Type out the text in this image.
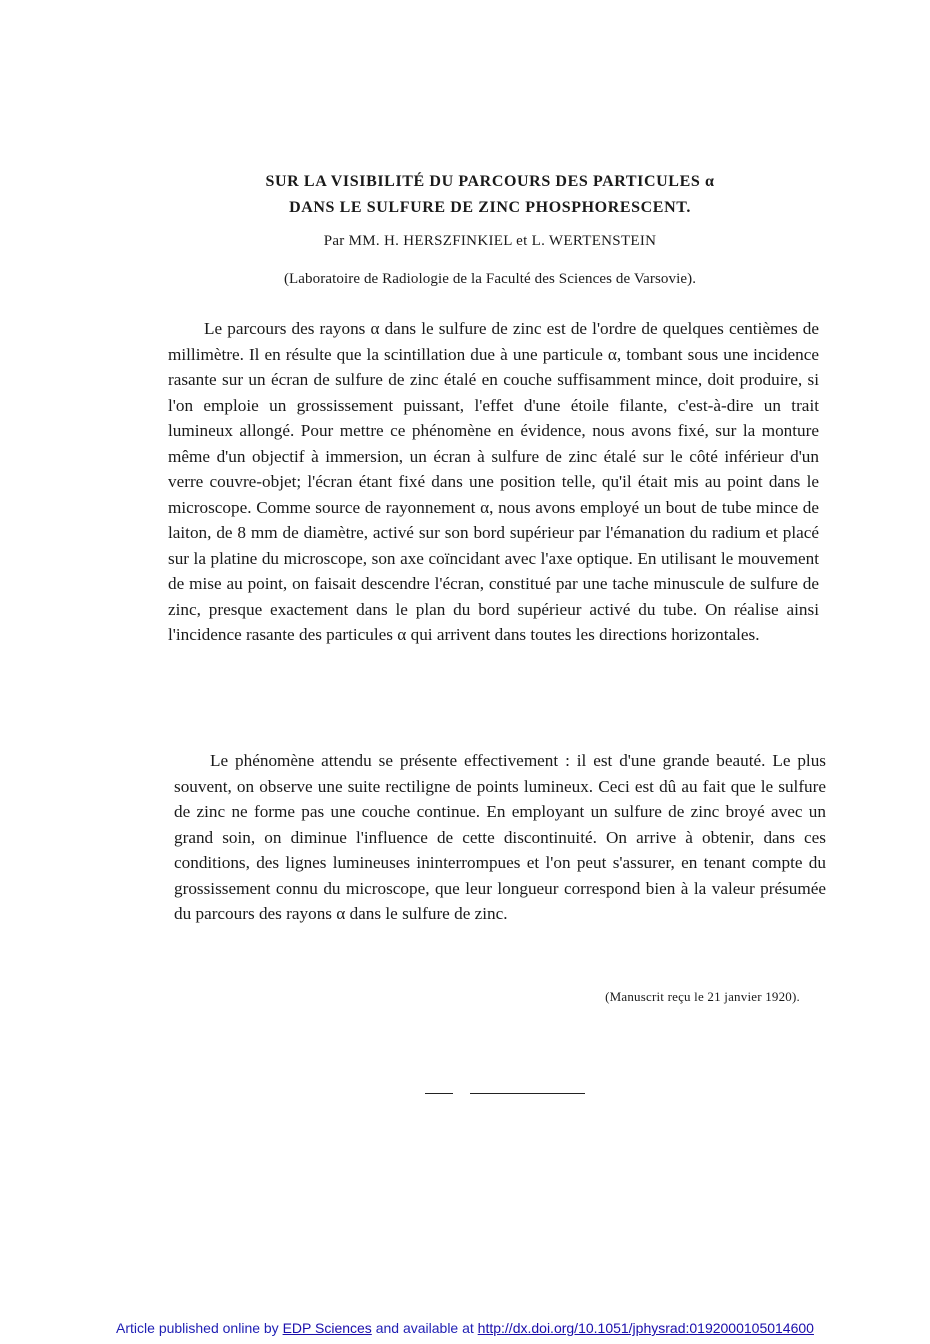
SUR LA VISIBILITÉ DU PARCOURS DES PARTICULES α
DANS LE SULFURE DE ZINC PHOSPHORESCENT.
Par MM. H. HERSZFINKIEL et L. WERTENSTEIN
(Laboratoire de Radiologie de la Faculté des Sciences de Varsovie).

Le parcours des rayons α dans le sulfure de zinc est de l'ordre de quelques centièmes de millimètre. Il en résulte que la scintillation due à une particule α, tombant sous une incidence rasante sur un écran de sulfure de zinc étalé en couche suffisamment mince, doit produire, si l'on emploie un grossissement puissant, l'effet d'une étoile filante, c'est-à-dire un trait lumineux allongé. Pour mettre ce phénomène en évidence, nous avons fixé, sur la monture même d'un objectif à immersion, un écran à sulfure de zinc étalé sur le côté inférieur d'un verre couvre-objet; l'écran étant fixé dans une position telle, qu'il était mis au point dans le microscope. Comme source de rayonnement α, nous avons employé un bout de tube mince de laiton, de 8 mm de diamètre, activé sur son bord supérieur par l'émanation du radium et placé sur la platine du microscope, son axe coïncidant avec l'axe optique. En utilisant le mouvement de mise au point, on faisait descendre l'écran, constitué par une tache minuscule de sulfure de zinc, presque exactement dans le plan du bord supérieur activé du tube. On réalise ainsi l'incidence rasante des particules α qui arrivent dans toutes les directions horizontales.

Le phénomène attendu se présente effectivement : il est d'une grande beauté. Le plus souvent, on observe une suite rectiligne de points lumineux. Ceci est dû au fait que le sulfure de zinc ne forme pas une couche continue. En employant un sulfure de zinc broyé avec un grand soin, on diminue l'influence de cette discontinuité. On arrive à obtenir, dans ces conditions, des lignes lumineuses ininterrompues et l'on peut s'assurer, en tenant compte du grossissement connu du microscope, que leur longueur correspond bien à la valeur présumée du parcours des rayons α dans le sulfure de zinc.

(Manuscrit reçu le 21 janvier 1920).
Article published online by EDP Sciences and available at http://dx.doi.org/10.1051/jphysrad:0192000105014600
